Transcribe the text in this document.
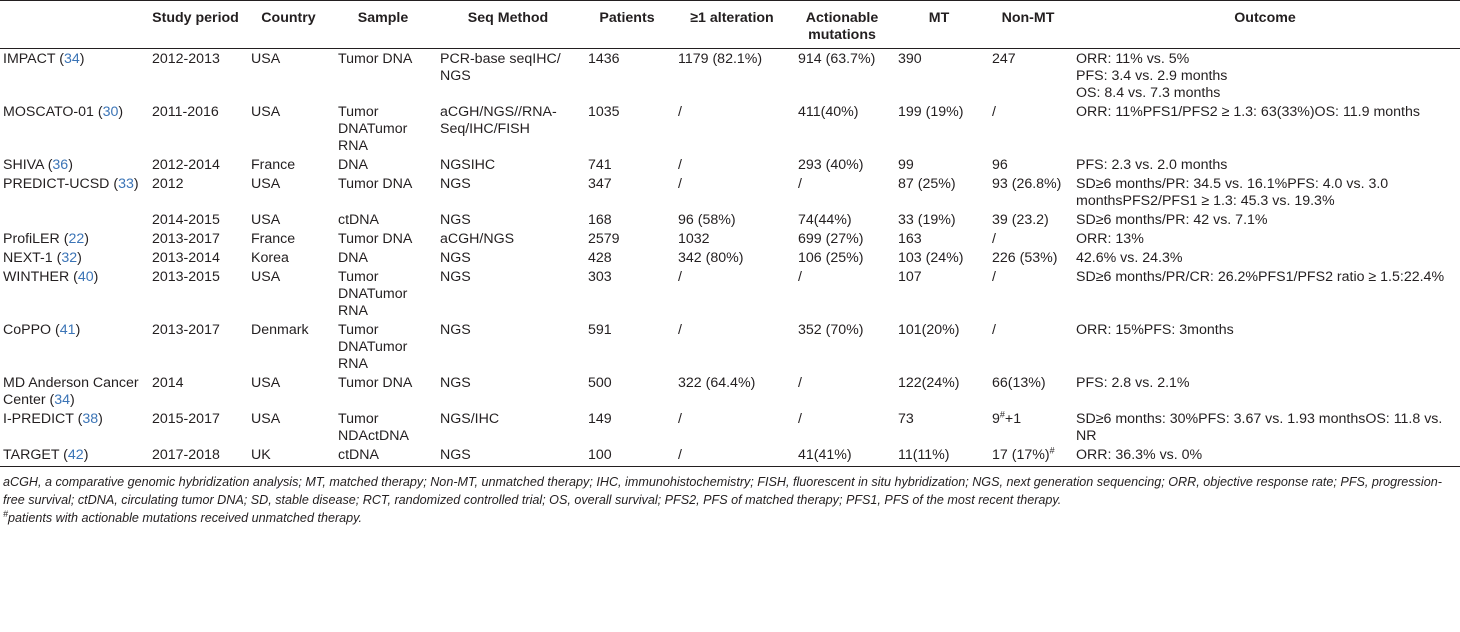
	Study period	Country	Sample	Seq Method	Patients	≥1 alteration	Actionable mutations	MT	Non-MT	Outcome
IMPACT (34)	2012-2013	USA	Tumor DNA	PCR-base seqIHC/ NGS	1436	1179 (82.1%)	914 (63.7%)	390	247	ORR: 11% vs. 5%
PFS: 3.4 vs. 2.9 months
OS: 8.4 vs. 7.3 months

MOSCATO-01 (30)	2011-2016	USA	Tumor DNATumor RNA	aCGH/NGS//RNA-Seq/IHC/FISH	1035	/	411(40%)	199 (19%)	/	ORR: 11%PFS1/PFS2 ≥ 1.3: 63(33%)OS: 11.9 months

SHIVA (36)	2012-2014	France	DNA	NGSIHC	741	/	293 (40%)	99	96	PFS: 2.3 vs. 2.0 months

PREDICT-UCSD (33)	2012	USA	Tumor DNA	NGS	347	/	/	87 (25%)	93 (26.8%)	SD≥6 months/PR: 34.5 vs. 16.1%PFS: 4.0 vs. 3.0 monthsPFS2/PFS1 ≥ 1.3: 45.3 vs. 19.3%

	2014-2015	USA	ctDNA	NGS	168	96 (58%)	74(44%)	33 (19%)	39 (23.2)	SD≥6 months/PR: 42 vs. 7.1%

ProfiLER (22)	2013-2017	France	Tumor DNA	aCGH/NGS	2579	1032	699 (27%)	163	/	ORR: 13%

NEXT-1 (32)	2013-2014	Korea	DNA	NGS	428	342 (80%)	106 (25%)	103 (24%)	226 (53%)	42.6% vs. 24.3%

WINTHER (40)	2013-2015	USA	Tumor DNATumor RNA	NGS	303	/	/	107	/	SD≥6 months/PR/CR: 26.2%PFS1/PFS2 ratio ≥ 1.5:22.4%

CoPPO (41)	2013-2017	Denmark	Tumor DNATumor RNA	NGS	591	/	352 (70%)	101(20%)	/	ORR: 15%PFS: 3months

MD Anderson Cancer Center (34)	2014	USA	Tumor DNA	NGS	500	322 (64.4%)	/	122(24%)	66(13%)	PFS: 2.8 vs. 2.1%

I-PREDICT (38)	2015-2017	USA	Tumor NDActDNA	NGS/IHC	149	/	/	73	9#+1	SD≥6 months: 30%PFS: 3.67 vs. 1.93 monthsOS: 11.8 vs. NR

TARGET (42)	2017-2018	UK	ctDNA	NGS	100	/	41(41%)	11(11%)	17 (17%)#	ORR: 36.3% vs. 0%

aCGH, a comparative genomic hybridization analysis; MT, matched therapy; Non-MT, unmatched therapy; IHC, immunohistochemistry; FISH, fluorescent in situ hybridization; NGS, next generation sequencing; ORR, objective response rate; PFS, progression-free survival; ctDNA, circulating tumor DNA; SD, stable disease; RCT, randomized controlled trial; OS, overall survival; PFS2, PFS of matched therapy; PFS1, PFS of the most recent therapy.

#patients with actionable mutations received unmatched therapy.
